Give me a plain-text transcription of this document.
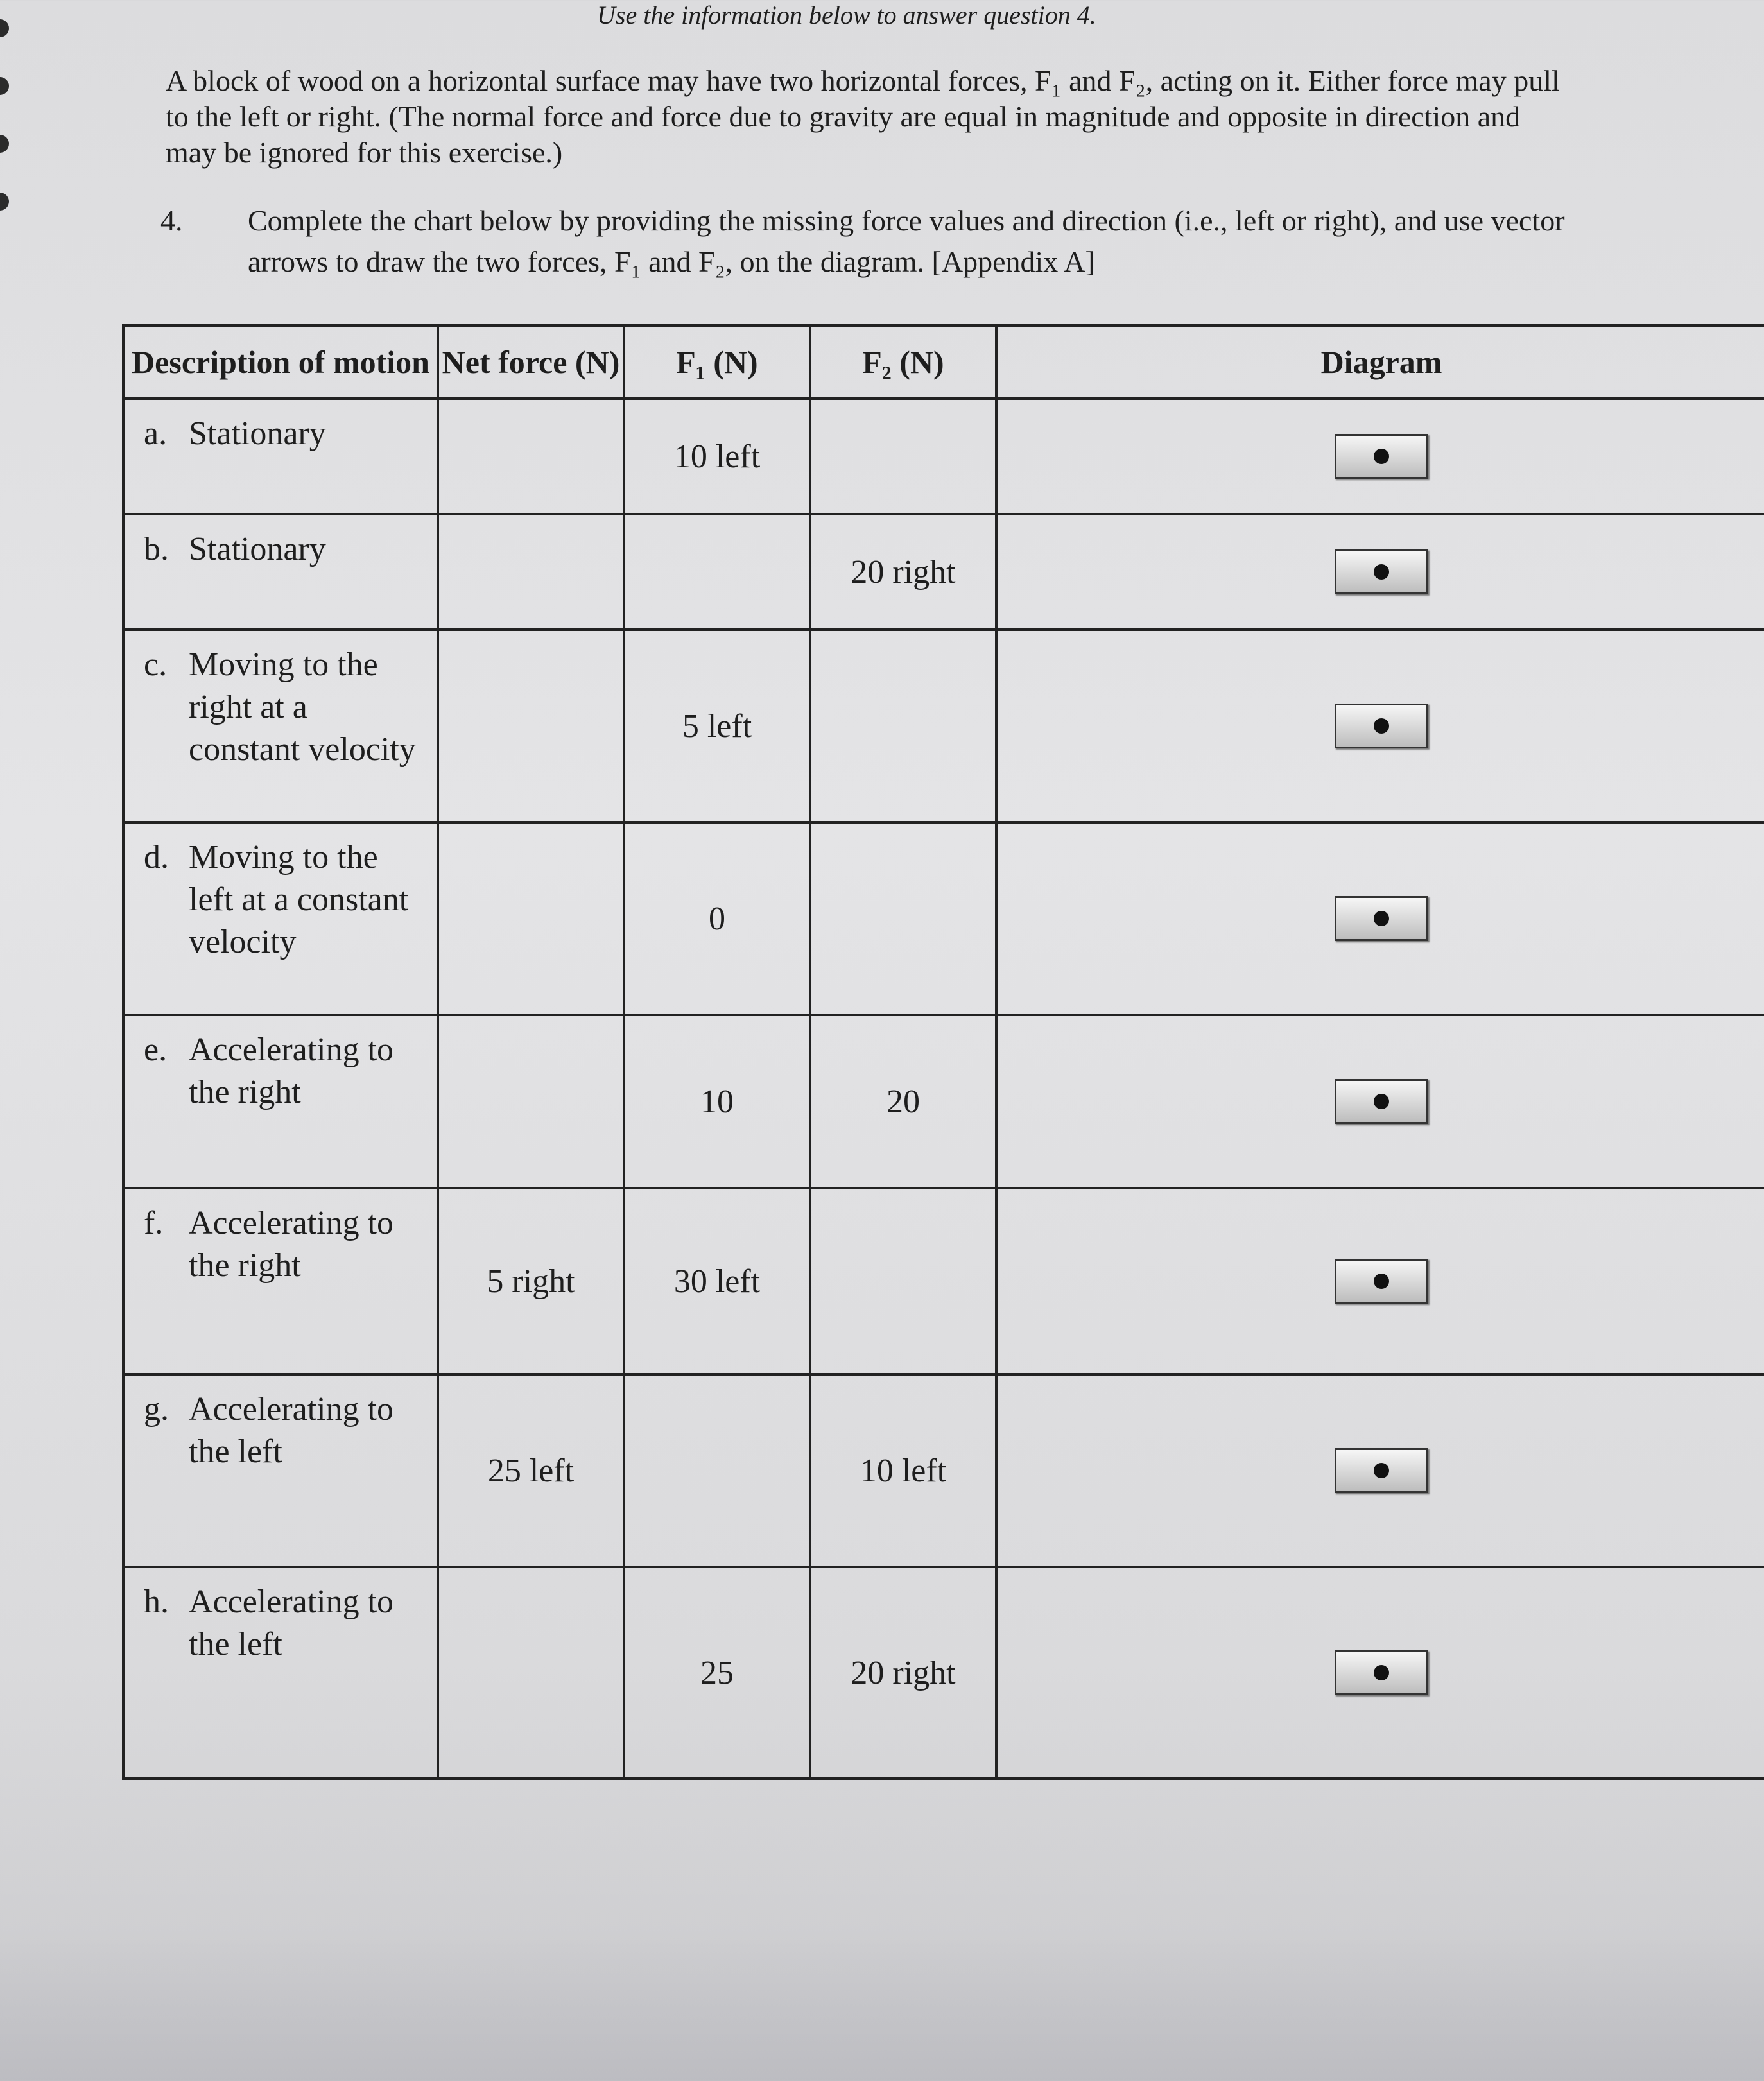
Use the information below to answer question 4.
A block of wood on a horizontal surface may have two horizontal forces, F₁ and F₂, acting on it. Either force may pull to the left or right. (The normal force and force due to gravity are equal in magnitude and opposite in direction and may be ignored for this exercise.)
4. Complete the chart below by providing the missing force values and direction (i.e., left or right), and use vector arrows to draw the two forces, F₁ and F₂, on the diagram. [Appendix A]
Description of motion	Net force (N)	F₁ (N)	F₂ (N)	Diagram
a. Stationary		10 left		

b. Stationary			20 right	

c. Moving to the right at a constant velocity		5 left		

d. Moving to the left at a constant velocity		0		

e. Accelerating to the right		10	20	

f. Accelerating to the right	5 right	30 left		

g. Accelerating to the left	25 left		10 left	

h. Accelerating to the left		25	20 right	
